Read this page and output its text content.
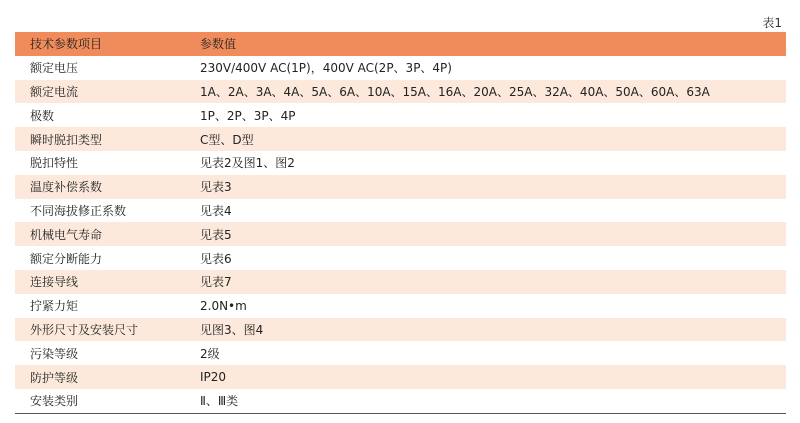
表1
技术参数项目	参数值
额定电压	230V/400V AC(1P)，400V AC(2P、3P、4P)
额定电流	1A、2A、3A、4A、5A、6A、10A、15A、16A、20A、25A、32A、40A、50A、60A、63A
极数	1P、2P、3P、4P
瞬时脱扣类型	C型、D型
脱扣特性	见表2及图1、图2
温度补偿系数	见表3
不同海拔修正系数	见表4
机械电气寿命	见表5
额定分断能力	见表6
连接导线	见表7
拧紧力矩	2.0N•m
外形尺寸及安装尺寸	见图3、图4
污染等级	2级
防护等级	IP20
安装类别	Ⅱ、Ⅲ类
